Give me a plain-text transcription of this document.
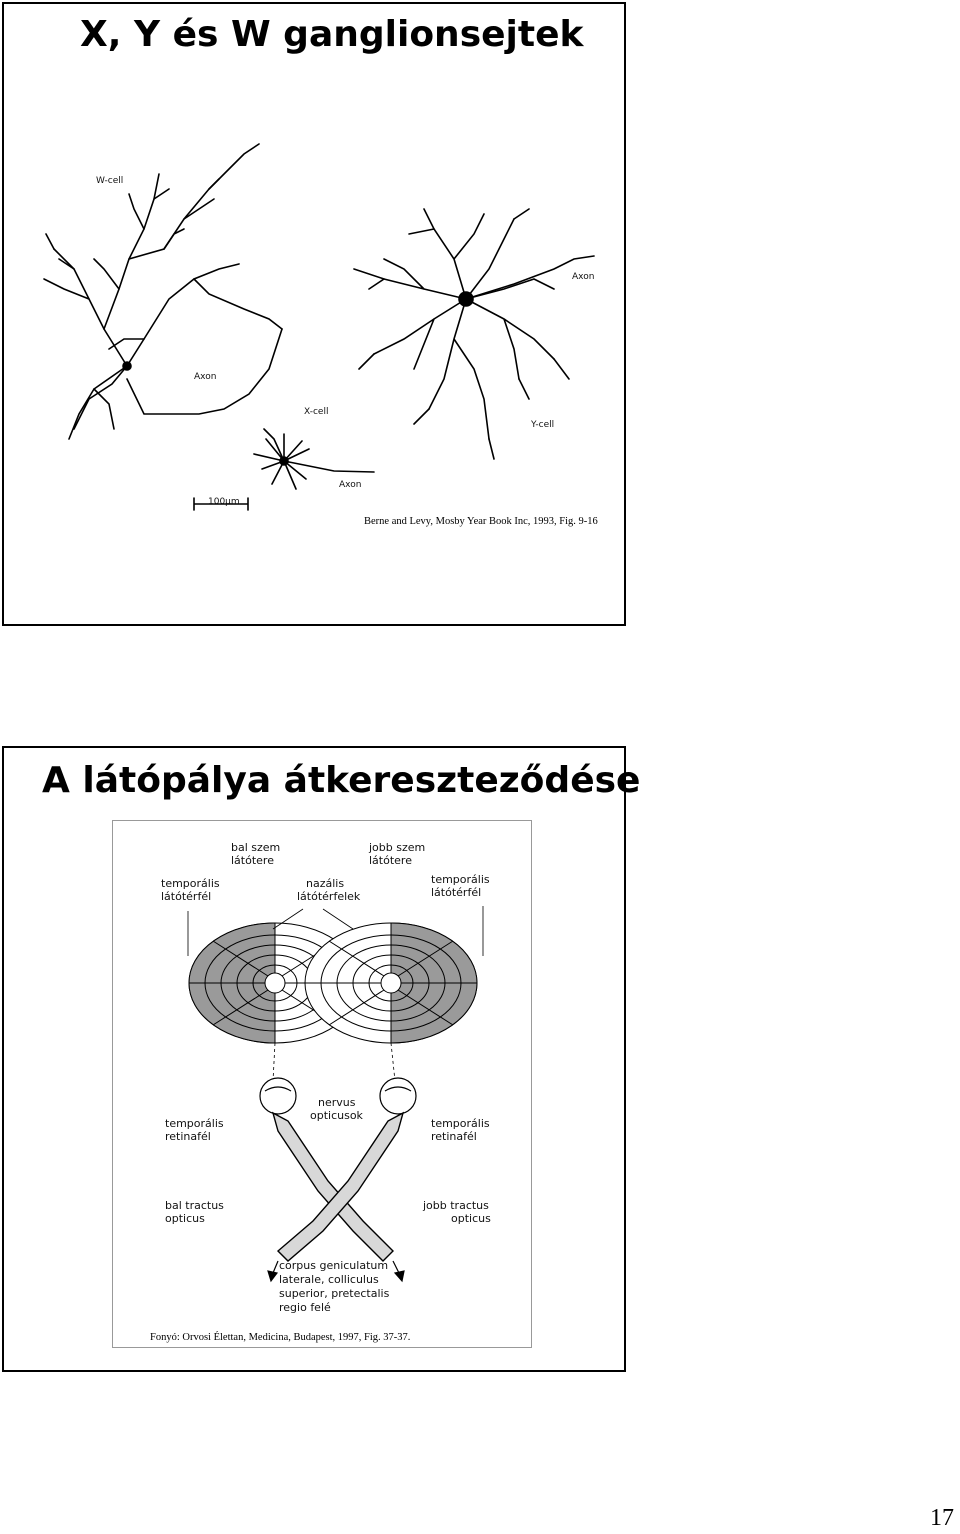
X, Y és W ganglionsejtek
W-cell
Axon
X-cell
Axon
Axon
Y-cell
100μm
Berne and Levy, Mosby Year Book Inc, 1993, Fig. 9-16
A látópálya átkereszteződése
bal szem
látótere
jobb szem
látótere
temporális
látótérfél
nazális
látótérfelek
temporális
látótérfél
nervus
opticusok
temporális
retinafél
temporális
retinafél
bal tractus
opticus
jobb tractus
opticus
corpus geniculatum
laterale, colliculus
superior, pretectalis
regio felé
Fonyó: Orvosi Élettan, Medicina, Budapest, 1997, Fig. 37-37.
17
